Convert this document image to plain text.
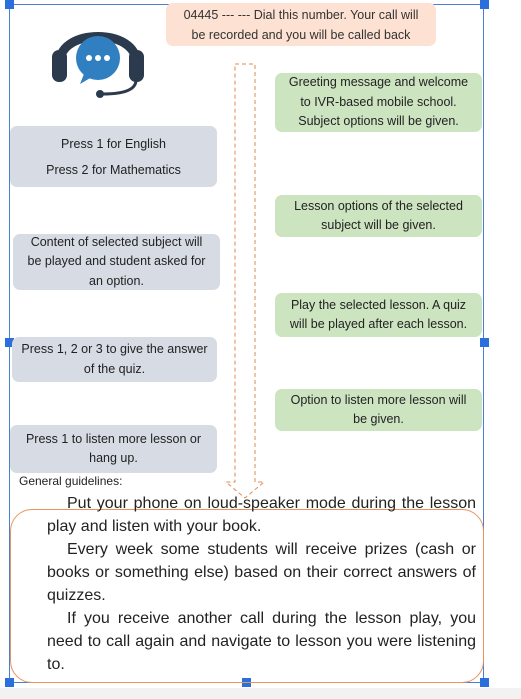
04445 --- --- Dial this number. Your call will
be recorded and you will be called back
Press 1 for English
Press 2 for Mathematics
Content of selected subject will
be played and student asked for
an option.
Press 1, 2 or 3 to give the answer
of the quiz.
Press 1 to listen more lesson or
hang up.
Greeting message and welcome
to IVR-based mobile school.
Subject options will be given.
Lesson options of the selected
subject will be given.
Play the selected lesson. A quiz
will be played after each lesson.
Option to listen more lesson will
be given.
General guidelines:

Put your phone on loud-speaker mode during the lesson play and listen with your book.

Every week some students will receive prizes (cash or books or something else) based on their correct answers of quizzes.

If you receive another call during the lesson play, you need to call again and navigate to lesson you were listening to.
